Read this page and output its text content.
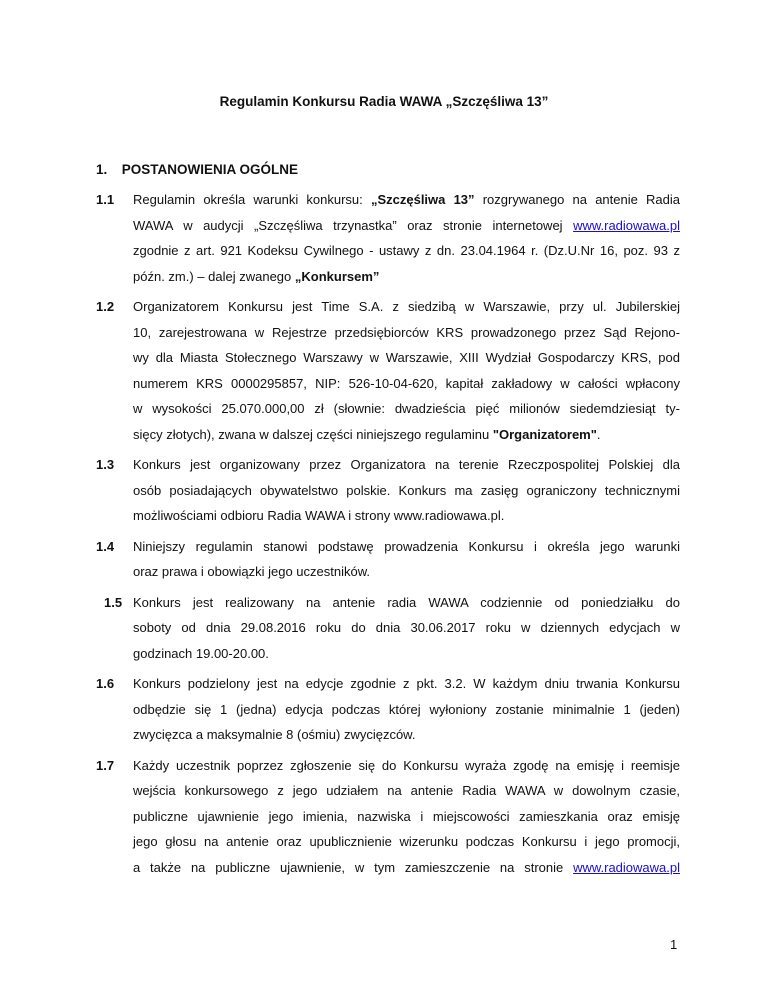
Regulamin Konkursu Radia WAWA „Szczęśliwa 13”
1. POSTANOWIENIA OGÓLNE
1.1 Regulamin określa warunki konkursu: „Szczęśliwa 13” rozgrywanego na antenie Radia
WAWA w audycji „Szczęśliwa trzynastka” oraz stronie internetowej www.radiowawa.pl
zgodnie z art. 921 Kodeksu Cywilnego - ustawy z dn. 23.04.1964 r. (Dz.U.Nr 16, poz. 93 z
późn. zm.) – dalej zwanego „Konkursem”
1.2 Organizatorem Konkursu jest Time S.A. z siedzibą w Warszawie, przy ul. Jubilerskiej
10, zarejestrowana w Rejestrze przedsiębiorców KRS prowadzonego przez Sąd Rejono-
wy dla Miasta Stołecznego Warszawy w Warszawie, XIII Wydział Gospodarczy KRS, pod
numerem KRS 0000295857, NIP: 526-10-04-620, kapitał zakładowy w całości wpłacony
w wysokości 25.070.000,00 zł (słownie: dwadzieścia pięć milionów siedemdziesiąt ty-
sięcy złotych), zwana w dalszej części niniejszego regulaminu "Organizatorem".
1.3 Konkurs jest organizowany przez Organizatora na terenie Rzeczpospolitej Polskiej dla
osób posiadających obywatelstwo polskie. Konkurs ma zasięg ograniczony technicznymi
możliwościami odbioru Radia WAWA i strony www.radiowawa.pl.
1.4 Niniejszy regulamin stanowi podstawę prowadzenia Konkursu i określa jego warunki
oraz prawa i obowiązki jego uczestników.
1.5 Konkurs jest realizowany na antenie radia WAWA codziennie od poniedziałku do
soboty od dnia 29.08.2016 roku do dnia 30.06.2017 roku w dziennych edycjach w
godzinach 19.00-20.00.
1.6 Konkurs podzielony jest na edycje zgodnie z pkt. 3.2. W każdym dniu trwania Konkursu
odbędzie się 1 (jedna) edycja podczas której wyłoniony zostanie minimalnie 1 (jeden)
zwycięzca a maksymalnie 8 (ośmiu) zwycięzców.
1.7 Każdy uczestnik poprzez zgłoszenie się do Konkursu wyraża zgodę na emisję i reemisje
wejścia konkursowego z jego udziałem na antenie Radia WAWA w dowolnym czasie,
publiczne ujawnienie jego imienia, nazwiska i miejscowości zamieszkania oraz emisję
jego głosu na antenie oraz upublicznienie wizerunku podczas Konkursu i jego promocji,
a także na publiczne ujawnienie, w tym zamieszczenie na stronie www.radiowawa.pl
1
